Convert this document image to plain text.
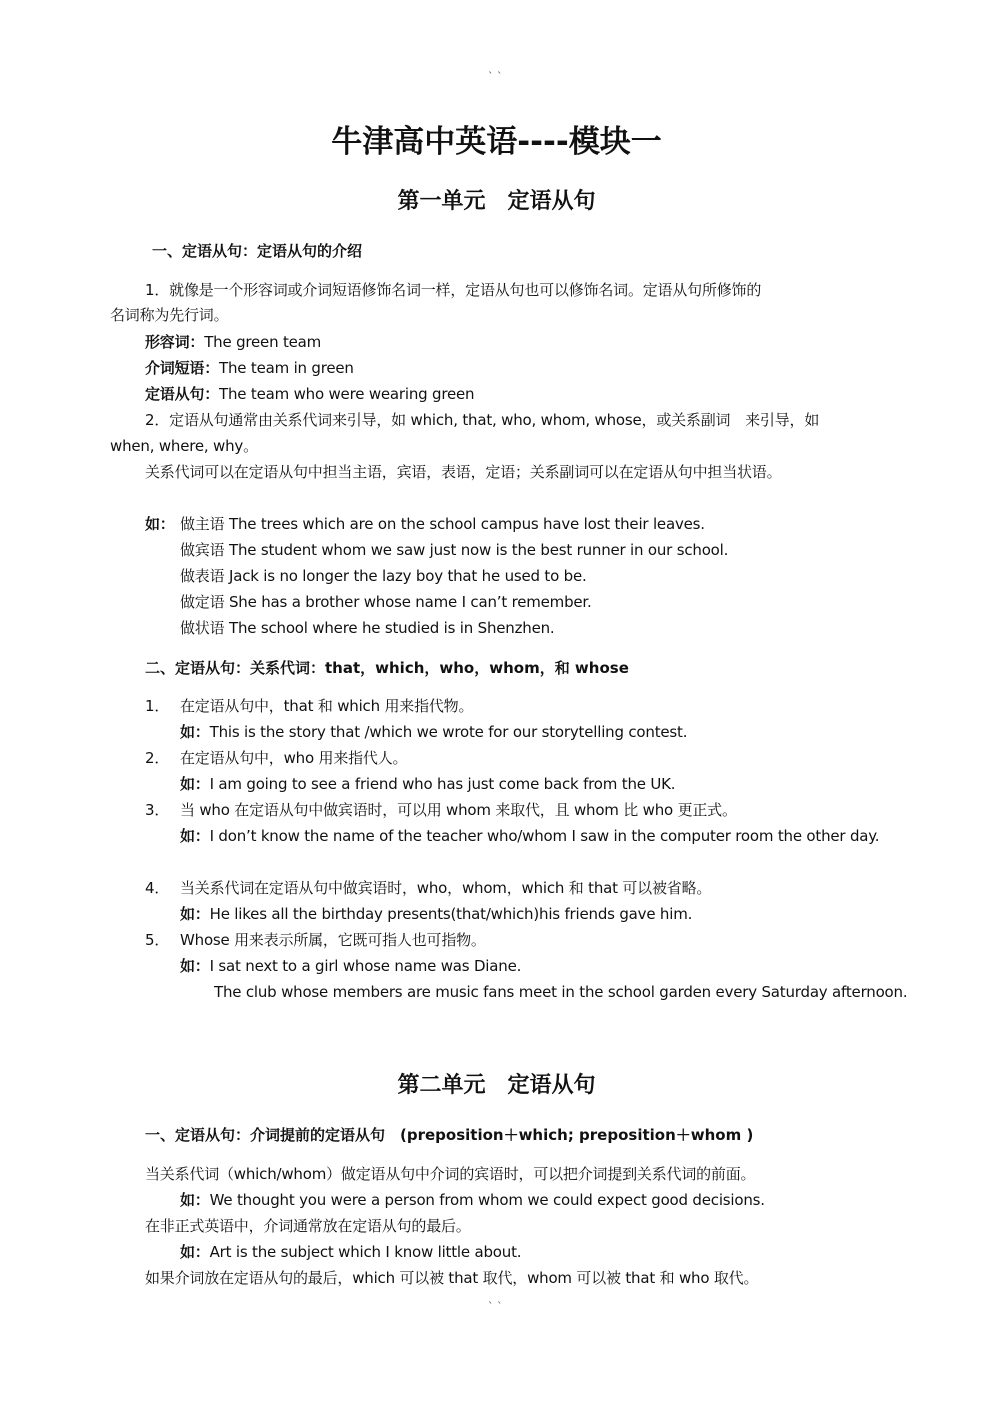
` `
牛津高中英语----模块一
第一单元　定语从句
一、定语从句：定语从句的介绍
1．就像是一个形容词或介词短语修饰名词一样，定语从句也可以修饰名词。定语从句所修饰的
名词称为先行词。
形容词：The green team
介词短语：The team in green
定语从句：The team who were wearing green
2．定语从句通常由关系代词来引导，如 which, that, who, whom, whose，或关系副词　来引导，如
when, where, why。
关系代词可以在定语从句中担当主语，宾语，表语，定语；关系副词可以在定语从句中担当状语。
如： 做主语 The trees which are on the school campus have lost their leaves.
做宾语 The student whom we saw just now is the best runner in our school.
做表语 Jack is no longer the lazy boy that he used to be.
做定语 She has a brother whose name I can’t remember.
做状语 The school where he studied is in Shenzhen.
二、定语从句：关系代词：that，which，who，whom，和 whose
1． 在定语从句中，that 和 which 用来指代物。
如：This is the story that /which we wrote for our storytelling contest.
2． 在定语从句中，who 用来指代人。
如：I am going to see a friend who has just come back from the UK.
3． 当 who 在定语从句中做宾语时，可以用 whom 来取代，且 whom 比 who 更正式。
如：I don’t know the name of the teacher who/whom I saw in the computer room the other day.
4． 当关系代词在定语从句中做宾语时，who，whom，which 和 that 可以被省略。
如：He likes all the birthday presents(that/which)his friends gave him.
5． Whose 用来表示所属，它既可指人也可指物。
如：I sat next to a girl whose name was Diane.
The club whose members are music fans meet in the school garden every Saturday afternoon.
第二单元　定语从句
一、定语从句：介词提前的定语从句　(preposition＋which; preposition＋whom )
当关系代词（which/whom）做定语从句中介词的宾语时，可以把介词提到关系代词的前面。
如：We thought you were a person from whom we could expect good decisions.
在非正式英语中，介词通常放在定语从句的最后。
如：Art is the subject which I know little about.
如果介词放在定语从句的最后，which 可以被 that 取代，whom 可以被 that 和 who 取代。
` `
